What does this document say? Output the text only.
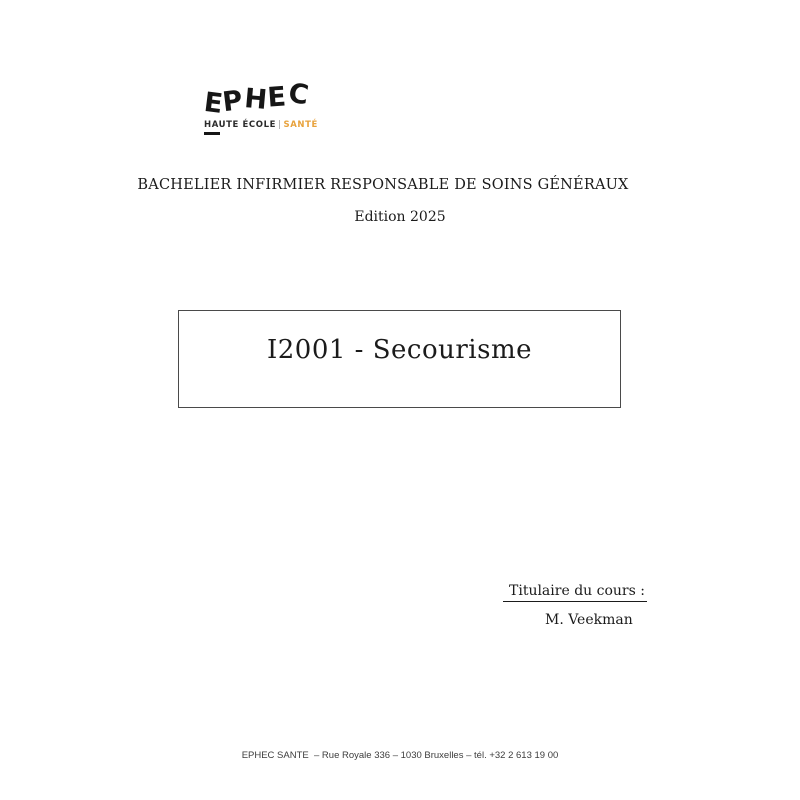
E
P
H
E
C
HAUTE ÉCOLE | SANTÉ
BACHELIER INFIRMIER RESPONSABLE DE SOINS GÉNÉRAUX
Edition 2025
I2001 - Secourisme
Titulaire du cours :
M. Veekman
EPHEC SANTE  – Rue Royale 336 – 1030 Bruxelles – tél. +32 2 613 19 00
